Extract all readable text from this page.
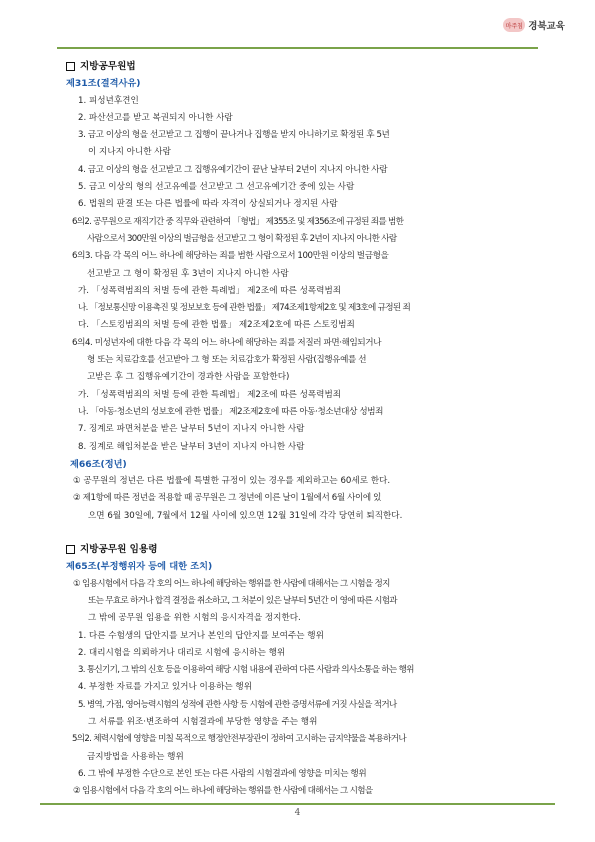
마주침 경북교육

지방공무원법

제31조(결격사유)

1. 피성년후견인

2. 파산선고를 받고 복권되지 아니한 사람

3. 금고 이상의 형을 선고받고 그 집행이 끝나거나 집행을 받지 아니하기로 확정된 후 5년

이 지나지 아니한 사람

4. 금고 이상의 형을 선고받고 그 집행유예기간이 끝난 날부터 2년이 지나지 아니한 사람

5. 금고 이상의 형의 선고유예를 선고받고 그 선고유예기간 중에 있는 사람

6. 법원의 판결 또는 다른 법률에 따라 자격이 상실되거나 정지된 사람

6의2. 공무원으로 재직기간 중 직무와 관련하여 「형법」 제355조 및 제356조에 규정된 죄를 범한

사람으로서 300만원 이상의 벌금형을 선고받고 그 형이 확정된 후 2년이 지나지 아니한 사람

6의3. 다음 각 목의 어느 하나에 해당하는 죄를 범한 사람으로서 100만원 이상의 벌금형을

선고받고 그 형이 확정된 후 3년이 지나지 아니한 사람

가. 「성폭력범죄의 처벌 등에 관한 특례법」 제2조에 따른 성폭력범죄

나. 「정보통신망 이용촉진 및 정보보호 등에 관한 법률」 제74조제1항제2호 및 제3호에 규정된 죄

다. 「스토킹범죄의 처벌 등에 관한 법률」 제2조제2호에 따른 스토킹범죄

6의4. 미성년자에 대한 다음 각 목의 어느 하나에 해당하는 죄를 저질러 파면·해임되거나

형 또는 치료감호를 선고받아 그 형 또는 치료감호가 확정된 사람(집행유예를 선

고받은 후 그 집행유예기간이 경과한 사람을 포함한다)

가. 「성폭력범죄의 처벌 등에 관한 특례법」 제2조에 따른 성폭력범죄

나. 「아동·청소년의 성보호에 관한 법률」 제2조제2호에 따른 아동·청소년대상 성범죄

7. 징계로 파면처분을 받은 날부터 5년이 지나지 아니한 사람

8. 징계로 해임처분을 받은 날부터 3년이 지나지 아니한 사람

제66조(정년)

① 공무원의 정년은 다른 법률에 특별한 규정이 있는 경우를 제외하고는 60세로 한다.

② 제1항에 따른 정년을 적용할 때 공무원은 그 정년에 이른 날이 1월에서 6월 사이에 있

으면 6월 30일에, 7월에서 12월 사이에 있으면 12월 31일에 각각 당연히 퇴직한다.

지방공무원 임용령

제65조(부정행위자 등에 대한 조치)

① 임용시험에서 다음 각 호의 어느 하나에 해당하는 행위를 한 사람에 대해서는 그 시험을 정지

또는 무효로 하거나 합격 결정을 취소하고, 그 처분이 있은 날부터 5년간 이 영에 따른 시험과

그 밖에 공무원 임용을 위한 시험의 응시자격을 정지한다.

1. 다른 수험생의 답안지를 보거나 본인의 답안지를 보여주는 행위

2. 대리시험을 의뢰하거나 대리로 시험에 응시하는 행위

3. 통신기기, 그 밖의 신호 등을 이용하여 해당 시험 내용에 관하여 다른 사람과 의사소통을 하는 행위

4. 부정한 자료를 가지고 있거나 이용하는 행위

5. 병역, 가점, 영어능력시험의 성적에 관한 사항 등 시험에 관한 증명서류에 거짓 사실을 적거나

그 서류를 위조·변조하여 시험결과에 부당한 영향을 주는 행위

5의2. 체력시험에 영향을 미칠 목적으로 행정안전부장관이 정하여 고시하는 금지약물을 복용하거나

금지방법을 사용하는 행위

6. 그 밖에 부정한 수단으로 본인 또는 다른 사람의 시험결과에 영향을 미치는 행위

② 임용시험에서 다음 각 호의 어느 하나에 해당하는 행위를 한 사람에 대해서는 그 시험을

4
